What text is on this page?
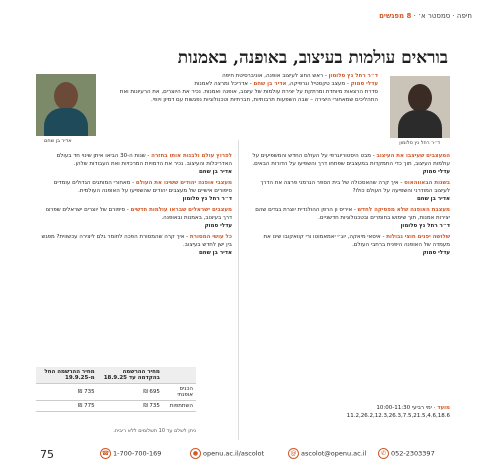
חיפה · סמסטר א׳ · 8 מפגשים
בוראים עולמות בעיצוב, באופנה, באמנות
ד״ר רחל נץ סלומון - ראש החוג לעיצוב אופנה, אוניברסיטת חיפה
עדלי סמוק - מעצב טקסטיל וגרפיקה, אדיר בן שחם - אדריכל ומרצה לאמנות
סדרת הרצאות מיוחדת ומרתקת על יצירת עולמות של עיצוב, אופנה ואמנות. נכיר את היוצרים, את הרעיונות ואת התהליכים שמאחורי היצירה – שבה השפעות תרבותיות, חברתיות וטכנולוגיות נפגשות עם דמיון ויופי.
ד״ר רחל נץ סלומון
אדיר בן שחם

המעצבים שעיצבו את העיצוב - מבט היסטוריוגרפי על העולם החדש והמשפיעים על עולמות העיצוב, תוך כדי התמקדות במעצבים שפתחו דרך והשפיעו על הדורות הבאים.
עדלי סמוק

בשנות הבאווהאוס - איך קרה שהאסכולה של בית הספר הגרמני פרצה את הדרך לעיצוב המודרני והשפיעה על העולם כולו?
אדיר בן שחם

מעצבת האופנה שלא מפסיקה לחדש - איריס ון הרפן ההולנדית יוצרת בגדים שהם יצירות אמנות, תוך שימוש בחומרים ובטכנולוגיות חדשניים.
ד״ר רחל נץ סלומון

שלושה יפנים חוצי גבולות - איסאי מיאקה, יוג׳י יאמאמוטו ורי קוואקובו שינו את מעמדה של האופנה היפנית ברחבי העולם.
עדלי סמוק

מועד · ימי רביעי 10:00-11:30
11.2,26.2,12.3,26.3,7.5,21.5,4.6,18.6

לפרוץ עולם ולבנות אותו בחזרה - שנות ה-30 הביאו איתן שינוי חד בעולם האדריכלות והעיצוב. נכיר את הדמויות המרכזיות ואת העבודות שלהן.
אדיר בן שחם

מעצבי אופנה יהודים ששינו את העולם - מאחורי המותגים הגדולים עומדים סיפורים אישיים של מעצבים יהודים שהשפיעו על האופנה העולמית.
ד״ר רחל נץ סלומון

מעצבים ישראלים שבראו עולמות חדשים - סיפורם של יוצרים ישראלים שפרצו דרך בעיצוב, באמנות ובאופנה.
עדלי סמוק

כל עושי המסורת - איך קרה שהמסורת הפכה לחומר גלם ליצירה עכשווית? מפגש בין ישן לחדש בעיצוב.
אדיר בן שחם

	מחיר ההרשמה בהקדמה עד 18.9.25	מחיר ההרשמה החל מ-19.9.25
הכניס אופנתי	695 ₪	735 ₪
השתתפות	735 ₪	775 ₪
ניתן לשלם עד 10 תשלומים ללא ריבית.
75	☎ 1-700-700-169	● openu.ac.il/ascolot	@ ascolot@openu.ac.il	✆ 052-2303397
